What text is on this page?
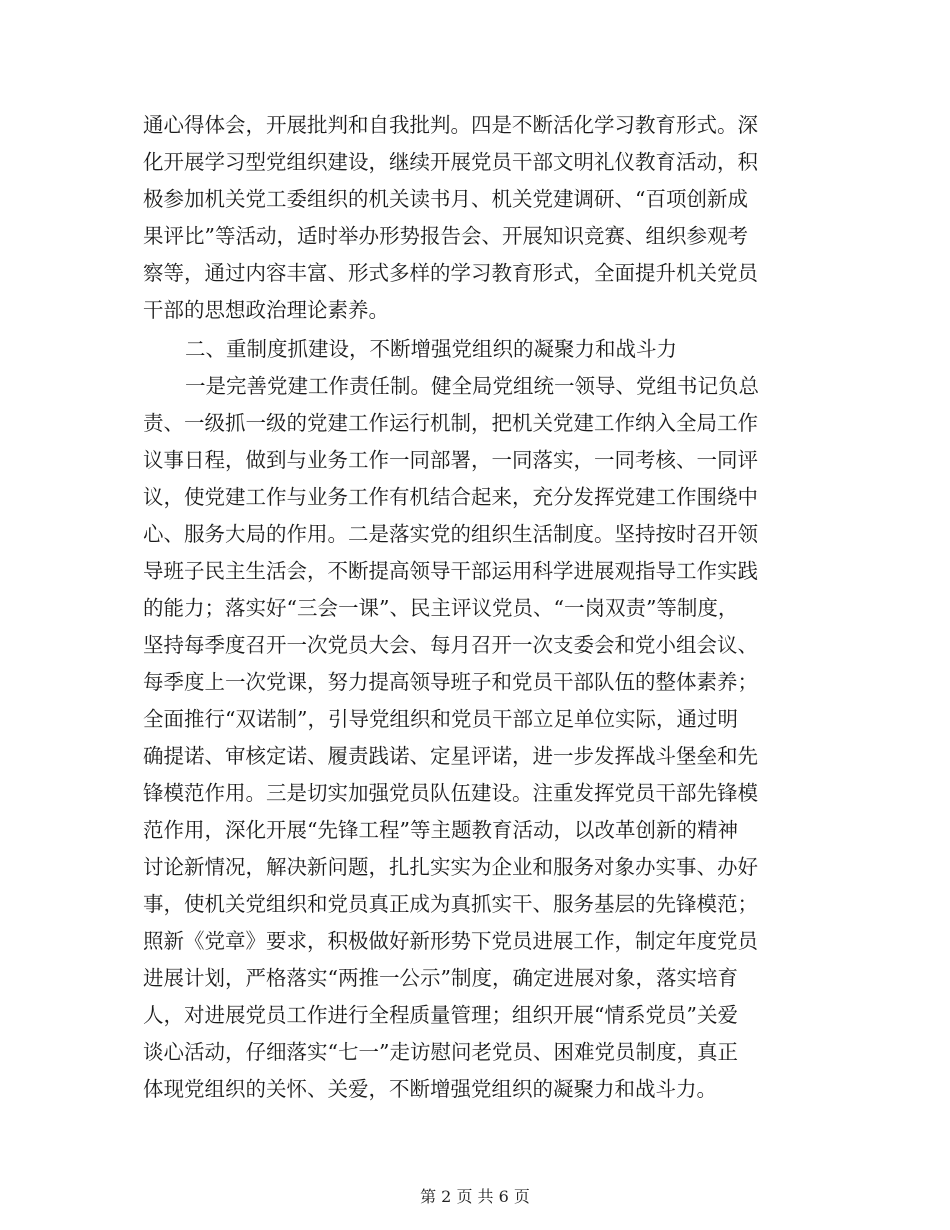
通心得体会，开展批判和自我批判。四是不断活化学习教育形式。深
化开展学习型党组织建设，继续开展党员干部文明礼仪教育活动，积
极参加机关党工委组织的机关读书月、机关党建调研、“百项创新成
果评比”等活动，适时举办形势报告会、开展知识竞赛、组织参观考
察等，通过内容丰富、形式多样的学习教育形式，全面提升机关党员
干部的思想政治理论素养。
二、重制度抓建设，不断增强党组织的凝聚力和战斗力
一是完善党建工作责任制。健全局党组统一领导、党组书记负总
责、一级抓一级的党建工作运行机制，把机关党建工作纳入全局工作
议事日程，做到与业务工作一同部署，一同落实，一同考核、一同评
议，使党建工作与业务工作有机结合起来，充分发挥党建工作围绕中
心、服务大局的作用。二是落实党的组织生活制度。坚持按时召开领
导班子民主生活会，不断提高领导干部运用科学进展观指导工作实践
的能力；落实好“三会一课”、民主评议党员、“一岗双责”等制度，
坚持每季度召开一次党员大会、每月召开一次支委会和党小组会议、
每季度上一次党课，努力提高领导班子和党员干部队伍的整体素养；
全面推行“双诺制”，引导党组织和党员干部立足单位实际，通过明
确提诺、审核定诺、履责践诺、定星评诺，进一步发挥战斗堡垒和先
锋模范作用。三是切实加强党员队伍建设。注重发挥党员干部先锋模
范作用，深化开展“先锋工程”等主题教育活动，以改革创新的精神
讨论新情况，解决新问题，扎扎实实为企业和服务对象办实事、办好
事，使机关党组织和党员真正成为真抓实干、服务基层的先锋模范；
照新《党章》要求，积极做好新形势下党员进展工作，制定年度党员
进展计划，严格落实“两推一公示”制度，确定进展对象，落实培育
人，对进展党员工作进行全程质量管理；组织开展“情系党员”关爱
谈心活动，仔细落实“七一”走访慰问老党员、困难党员制度，真正
体现党组织的关怀、关爱，不断增强党组织的凝聚力和战斗力。
第 2 页 共 6 页
